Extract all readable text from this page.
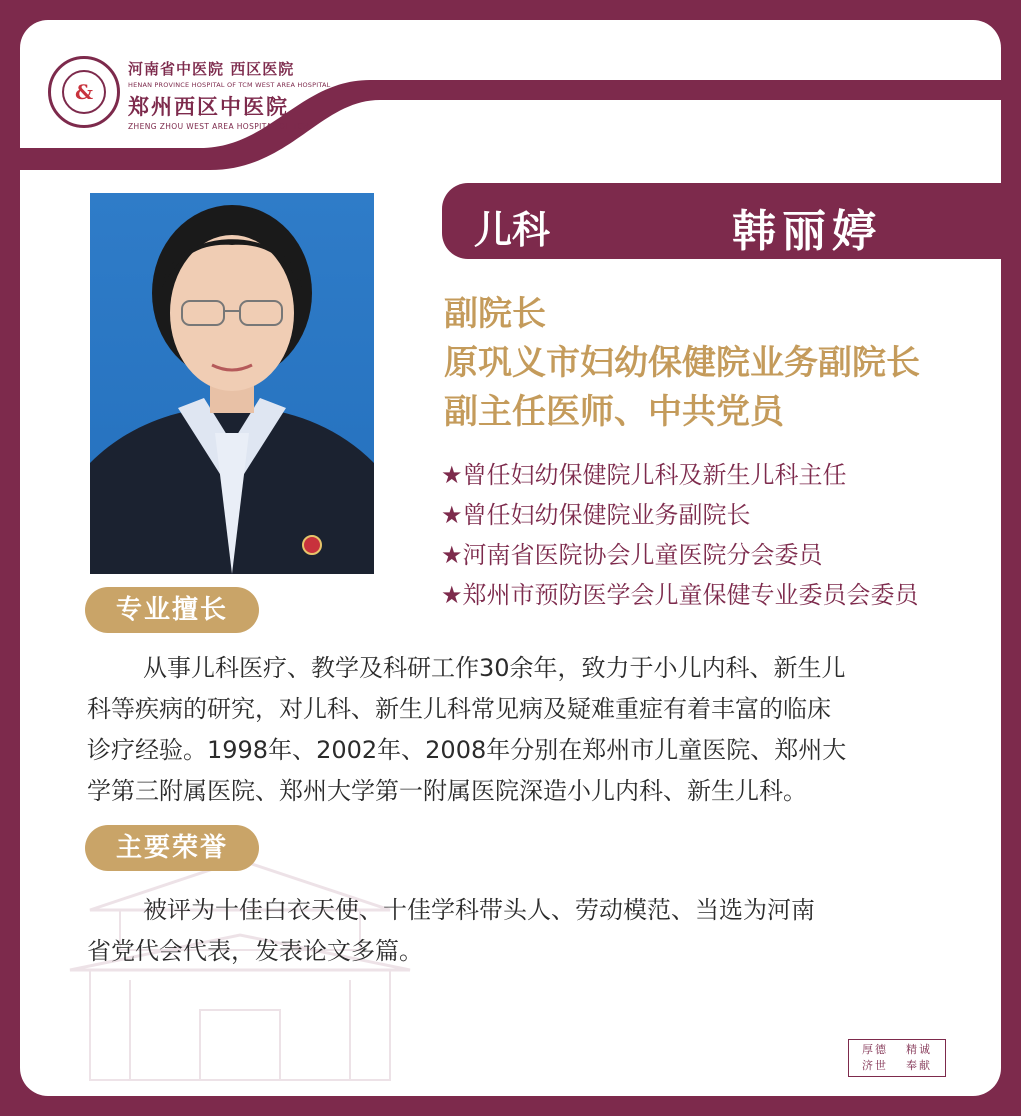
&
河南省中医院 西区医院
HENAN PROVINCE HOSPITAL OF TCM WEST AREA HOSPITAL
郑州西区中医院
ZHENG ZHOU WEST AREA HOSPITAL OF TCM
儿科	韩丽婷
副院长
原巩义市妇幼保健院业务副院长
副主任医师、中共党员
★曾任妇幼保健院儿科及新生儿科主任
★曾任妇幼保健院业务副院长
★河南省医院协会儿童医院分会委员
★郑州市预防医学会儿童保健专业委员会委员
专业擅长
从事儿科医疗、教学及科研工作30余年，致力于小儿内科、新生儿
科等疾病的研究，对儿科、新生儿科常见病及疑难重症有着丰富的临床
诊疗经验。1998年、2002年、2008年分别在郑州市儿童医院、郑州大
学第三附属医院、郑州大学第一附属医院深造小儿内科、新生儿科。
主要荣誉
被评为十佳白衣天使、十佳学科带头人、劳动模范、当选为河南
省党代会代表，发表论文多篇。
厚德	精诚
济世	奉献
